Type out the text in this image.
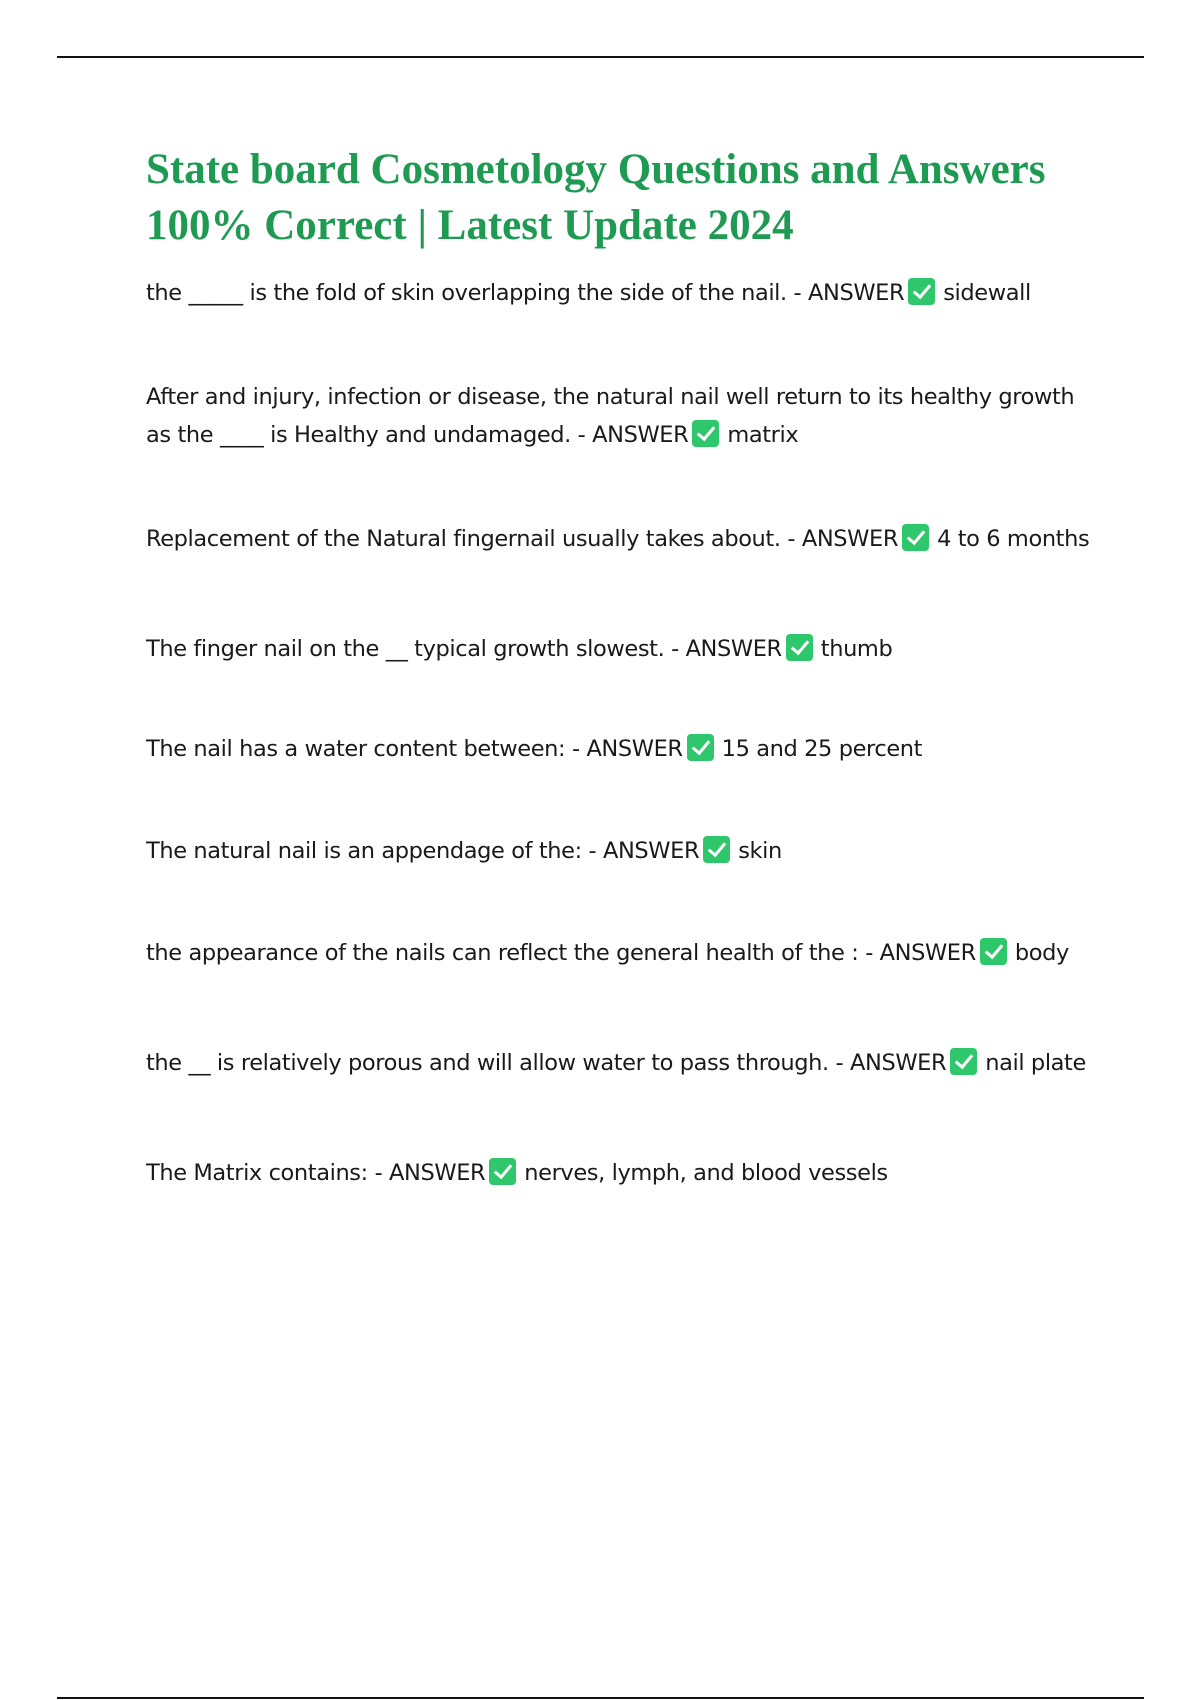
State board Cosmetology Questions and Answers 100% Correct | Latest Update 2024

the _____ is the fold of skin overlapping the side of the nail. - ANSWER sidewall

After and injury, infection or disease, the natural nail well return to its healthy growth as the ____ is Healthy and undamaged. - ANSWER matrix

Replacement of the Natural fingernail usually takes about. - ANSWER 4 to 6 months

The finger nail on the __ typical growth slowest. - ANSWER thumb

The nail has a water content between: - ANSWER 15 and 25 percent

The natural nail is an appendage of the: - ANSWER skin

the appearance of the nails can reflect the general health of the : - ANSWER body

the __ is relatively porous and will allow water to pass through. - ANSWER nail plate

The Matrix contains: - ANSWER nerves, lymph, and blood vessels
